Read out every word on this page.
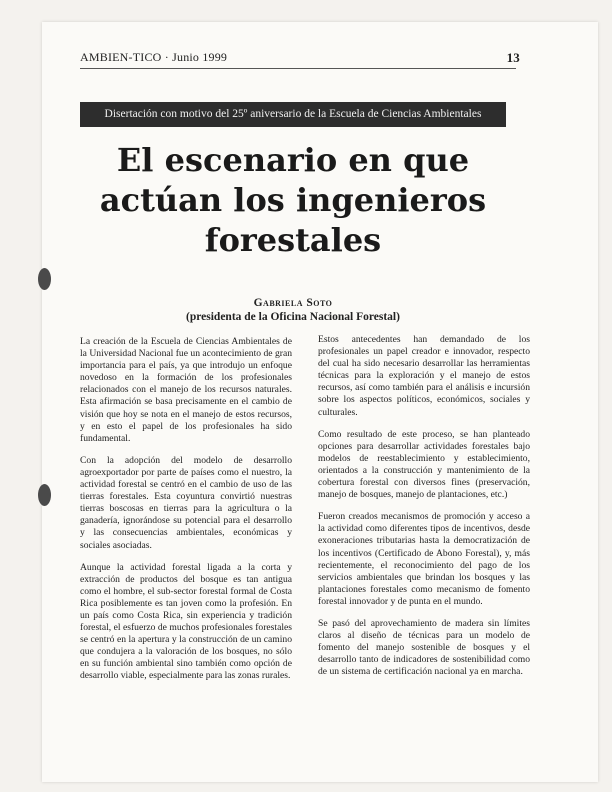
AMBIEN-TICO · Junio 1999	13
Disertación con motivo del 25º aniversario de la Escuela de Ciencias Ambientales
El escenario en que
actúan los ingenieros
forestales
Gabriela Soto
(presidenta de la Oficina Nacional Forestal)

La creación de la Escuela de Ciencias Ambientales de la Universidad Nacional fue un acontecimiento de gran importancia para el país, ya que introdujo un enfoque novedoso en la formación de los profesionales relacionados con el manejo de los recursos naturales. Esta afirmación se basa precisamente en el cambio de visión que hoy se nota en el manejo de estos recursos, y en esto el papel de los profesionales ha sido fundamental.

Con la adopción del modelo de desarrollo agroexportador por parte de países como el nuestro, la actividad forestal se centró en el cambio de uso de las tierras forestales. Esta coyuntura convirtió nuestras tierras boscosas en tierras para la agricultura o la ganadería, ignorándose su potencial para el desarrollo y las consecuencias ambientales, económicas y sociales asociadas.

Aunque la actividad forestal ligada a la corta y extracción de productos del bosque es tan antigua como el hombre, el sub-sector forestal formal de Costa Rica posiblemente es tan joven como la profesión. En un país como Costa Rica, sin experiencia y tradición forestal, el esfuerzo de muchos profesionales forestales se centró en la apertura y la construcción de un camino que condujera a la valoración de los bosques, no sólo en su función ambiental sino también como opción de desarrollo viable, especialmente para las zonas rurales.

Estos antecedentes han demandado de los profesionales un papel creador e innovador, respecto del cual ha sido necesario desarrollar las herramientas técnicas para la exploración y el manejo de estos recursos, así como también para el análisis e incursión sobre los aspectos políticos, económicos, sociales y culturales.

Como resultado de este proceso, se han planteado opciones para desarrollar actividades forestales bajo modelos de reestablecimiento y establecimiento, orientados a la construcción y mantenimiento de la cobertura forestal con diversos fines (preservación, manejo de bosques, manejo de plantaciones, etc.)

Fueron creados mecanismos de promoción y acceso a la actividad como diferentes tipos de incentivos, desde exoneraciones tributarias hasta la democratización de los incentivos (Certificado de Abono Forestal), y, más recientemente, el reconocimiento del pago de los servicios ambientales que brindan los bosques y las plantaciones forestales como mecanismo de fomento forestal innovador y de punta en el mundo.

Se pasó del aprovechamiento de madera sin límites claros al diseño de técnicas para un modelo de fomento del manejo sostenible de bosques y el desarrollo tanto de indicadores de sostenibilidad como de un sistema de certificación nacional ya en marcha.
